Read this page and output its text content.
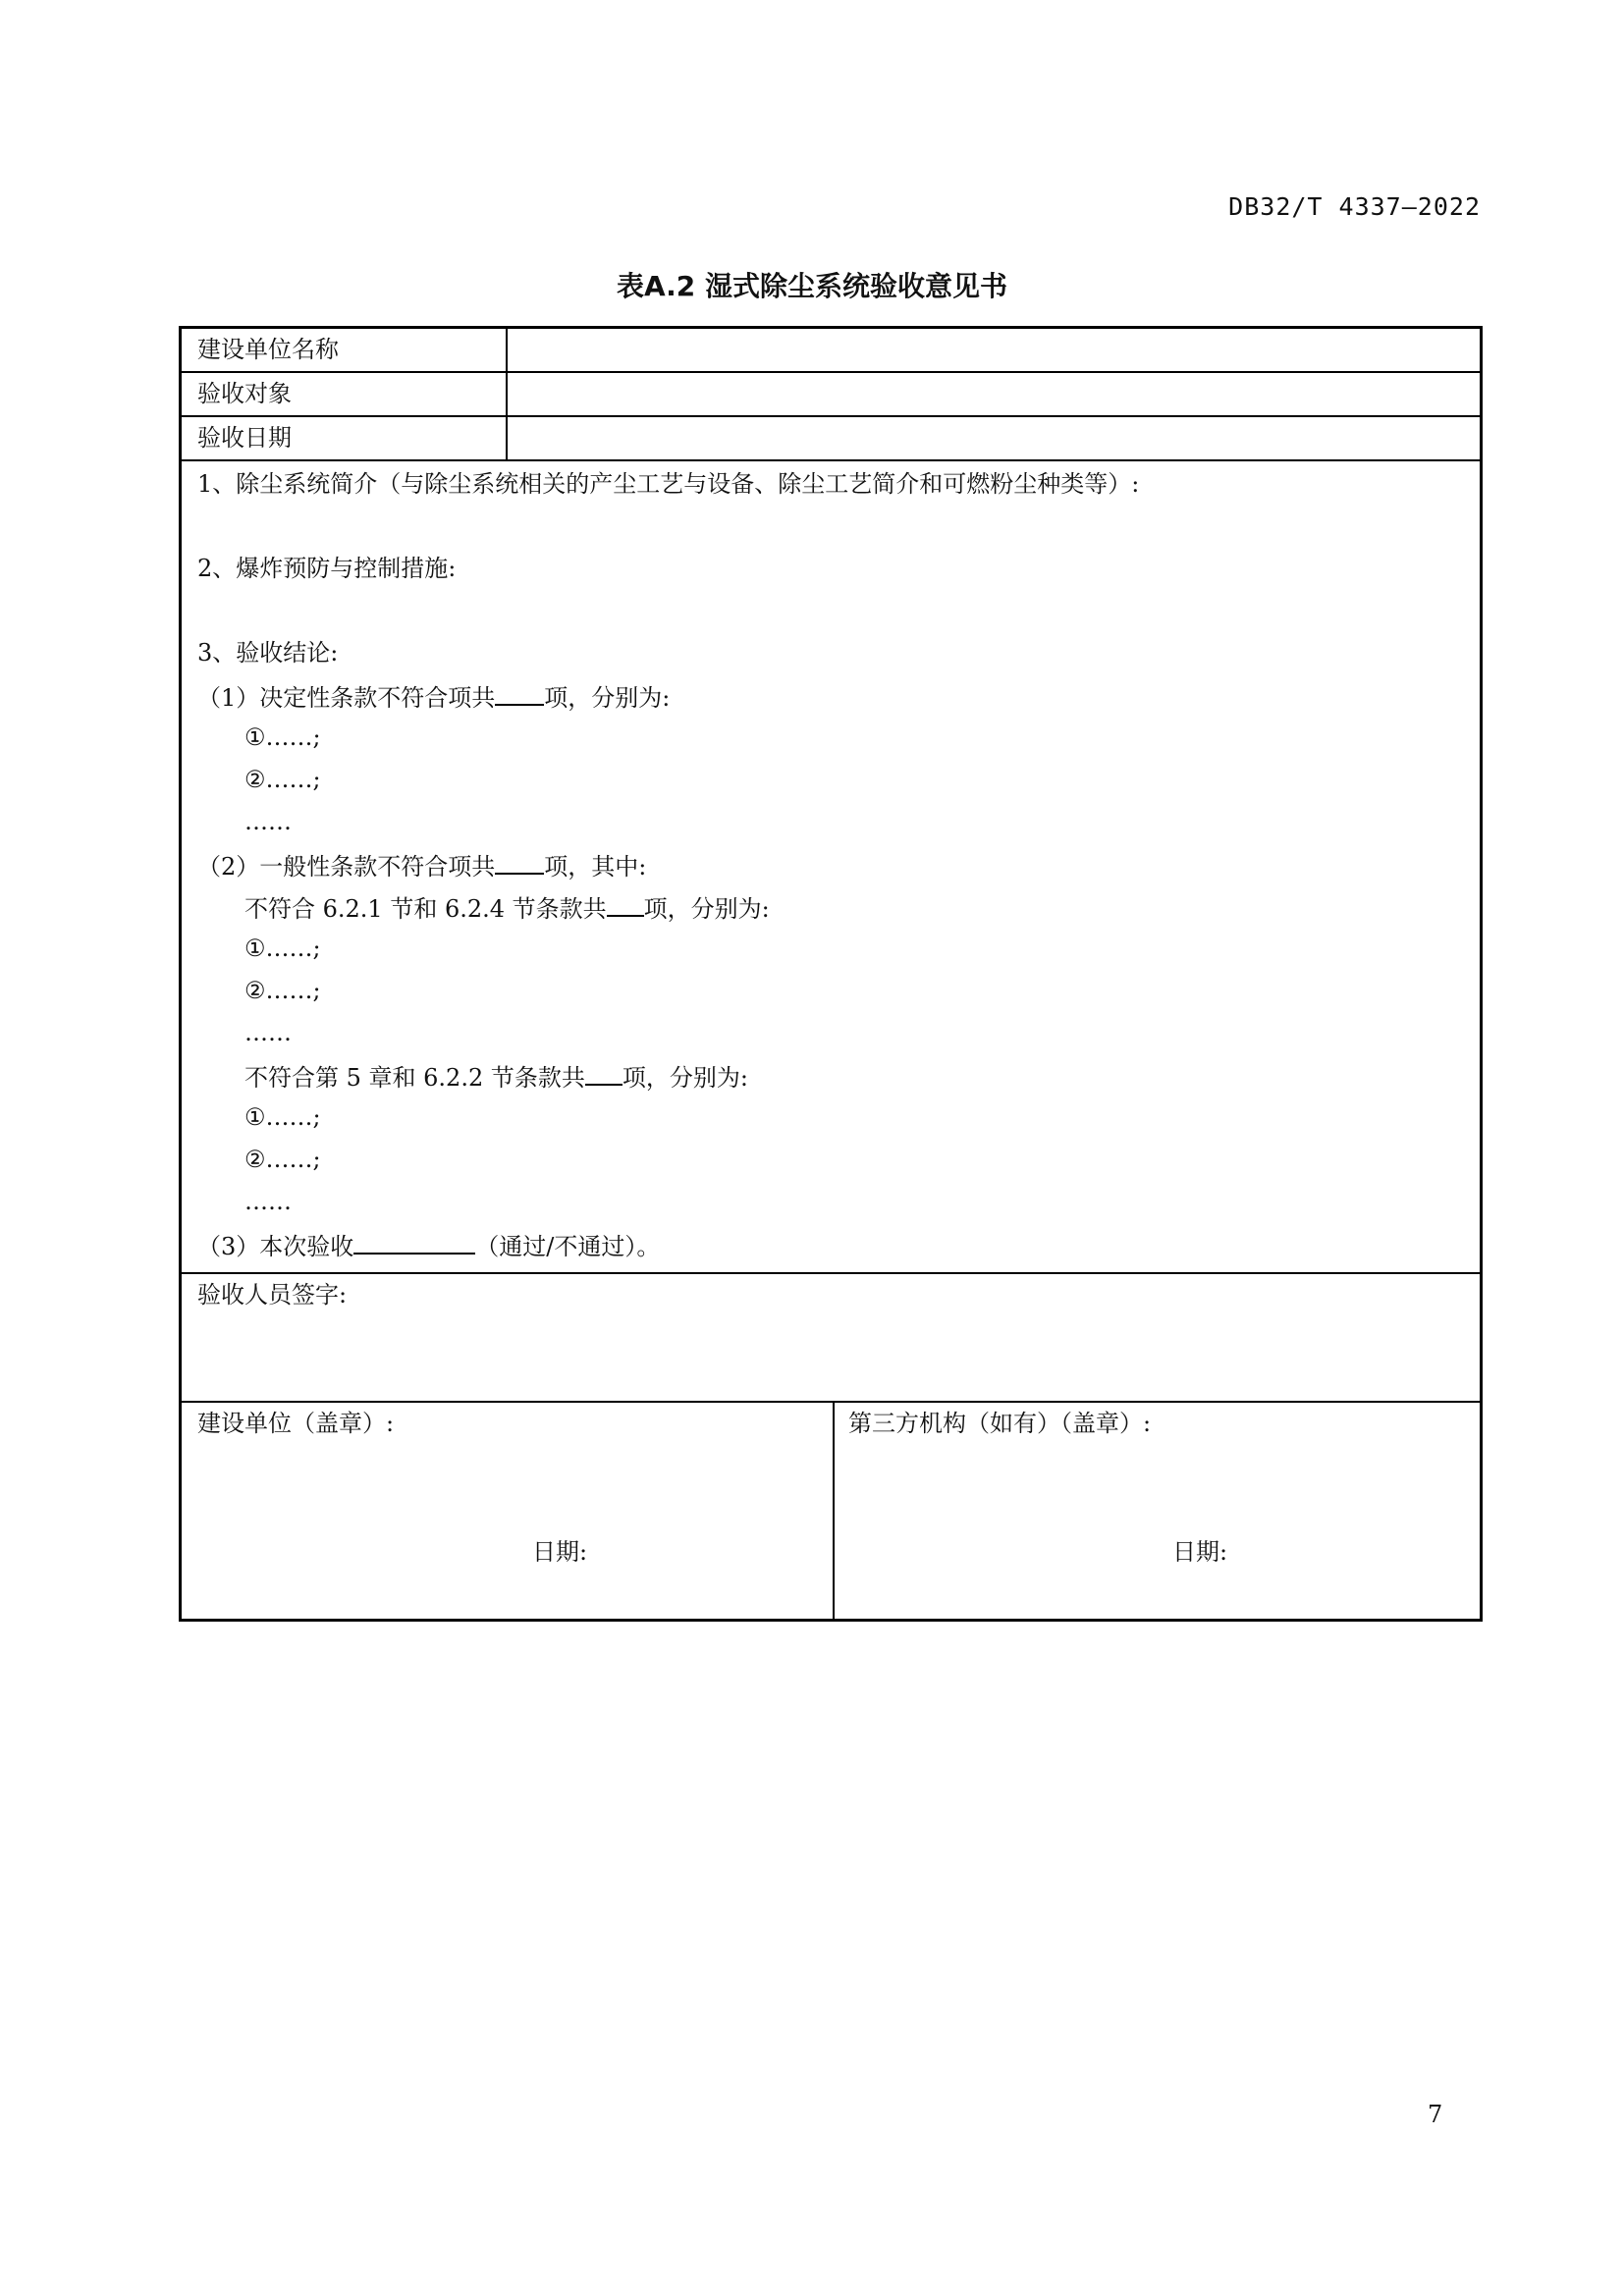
DB32/T 4337—2022
表A.2 湿式除尘系统验收意见书
建设单位名称
验收对象
验收日期
1、除尘系统简介（与除尘系统相关的产尘工艺与设备、除尘工艺简介和可燃粉尘种类等）:
2、爆炸预防与控制措施:
3、验收结论:
（1）决定性条款不符合项共 项，分别为:
①……;
②……;
……
（2）一般性条款不符合项共 项，其中:
不符合 6.2.1 节和 6.2.4 节条款共 项，分别为:
①……;
②……;
……
不符合第 5 章和 6.2.2 节条款共 项，分别为:
①……;
②……;
……
（3）本次验收	（通过/不通过）。
验收人员签字:
建设单位（盖章）:
日期:
第三方机构（如有）（盖章）:
日期:
7
